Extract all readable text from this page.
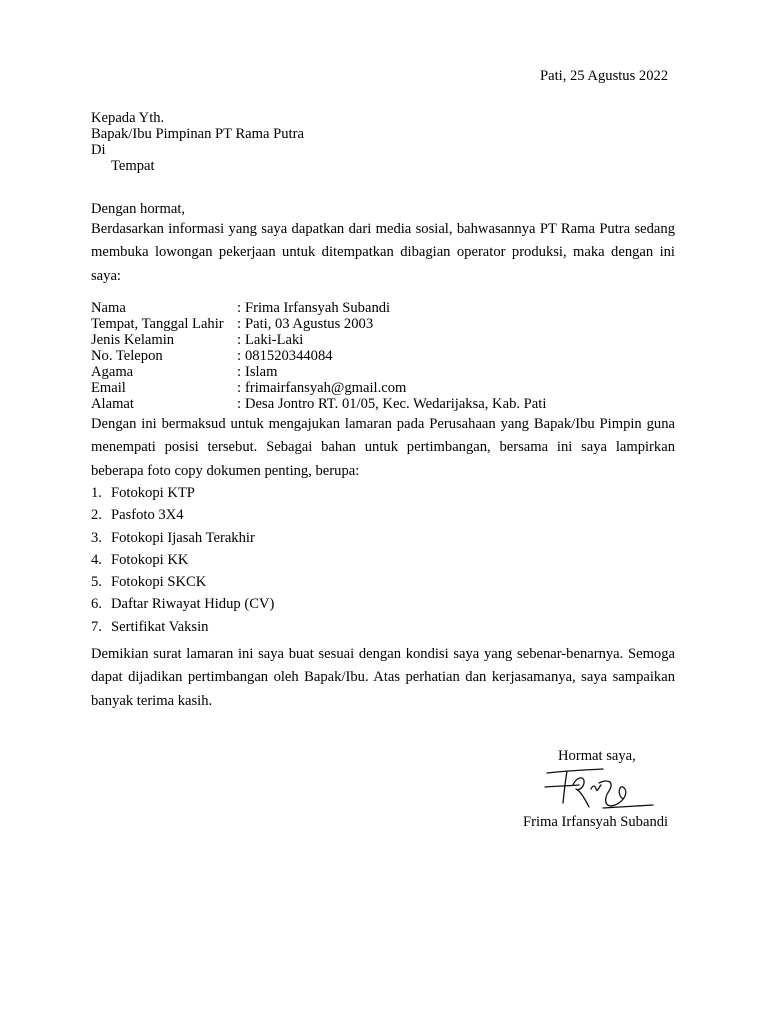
Pati, 25 Agustus 2022
Kepada Yth.
Bapak/Ibu Pimpinan PT Rama Putra
Di
Tempat
Dengan hormat,
Berdasarkan informasi yang saya dapatkan dari media sosial, bahwasannya PT Rama Putra sedang membuka lowongan pekerjaan untuk ditempatkan dibagian operator produksi, maka dengan ini saya:
Nama	: Frima Irfansyah Subandi
Tempat, Tanggal Lahir : Pati, 03 Agustus 2003
Jenis Kelamin	: Laki-Laki
No. Telepon	: 081520344084
Agama	: Islam
Email	: frimairfansyah@gmail.com
Alamat	: Desa Jontro RT. 01/05, Kec. Wedarijaksa, Kab. Pati
Dengan ini bermaksud untuk mengajukan lamaran pada Perusahaan yang Bapak/Ibu Pimpin guna menempati posisi tersebut. Sebagai bahan untuk pertimbangan, bersama ini saya lampirkan beberapa foto copy dokumen penting, berupa:
1. Fotokopi KTP
2. Pasfoto 3X4
3. Fotokopi Ijasah Terakhir
4. Fotokopi KK
5. Fotokopi SKCK
6. Daftar Riwayat Hidup (CV)
7. Sertifikat Vaksin
Demikian surat lamaran ini saya buat sesuai dengan kondisi saya yang sebenar-benarnya. Semoga dapat dijadikan pertimbangan oleh Bapak/Ibu. Atas perhatian dan kerjasamanya, saya sampaikan banyak terima kasih.
Hormat saya,
Frima Irfansyah Subandi
